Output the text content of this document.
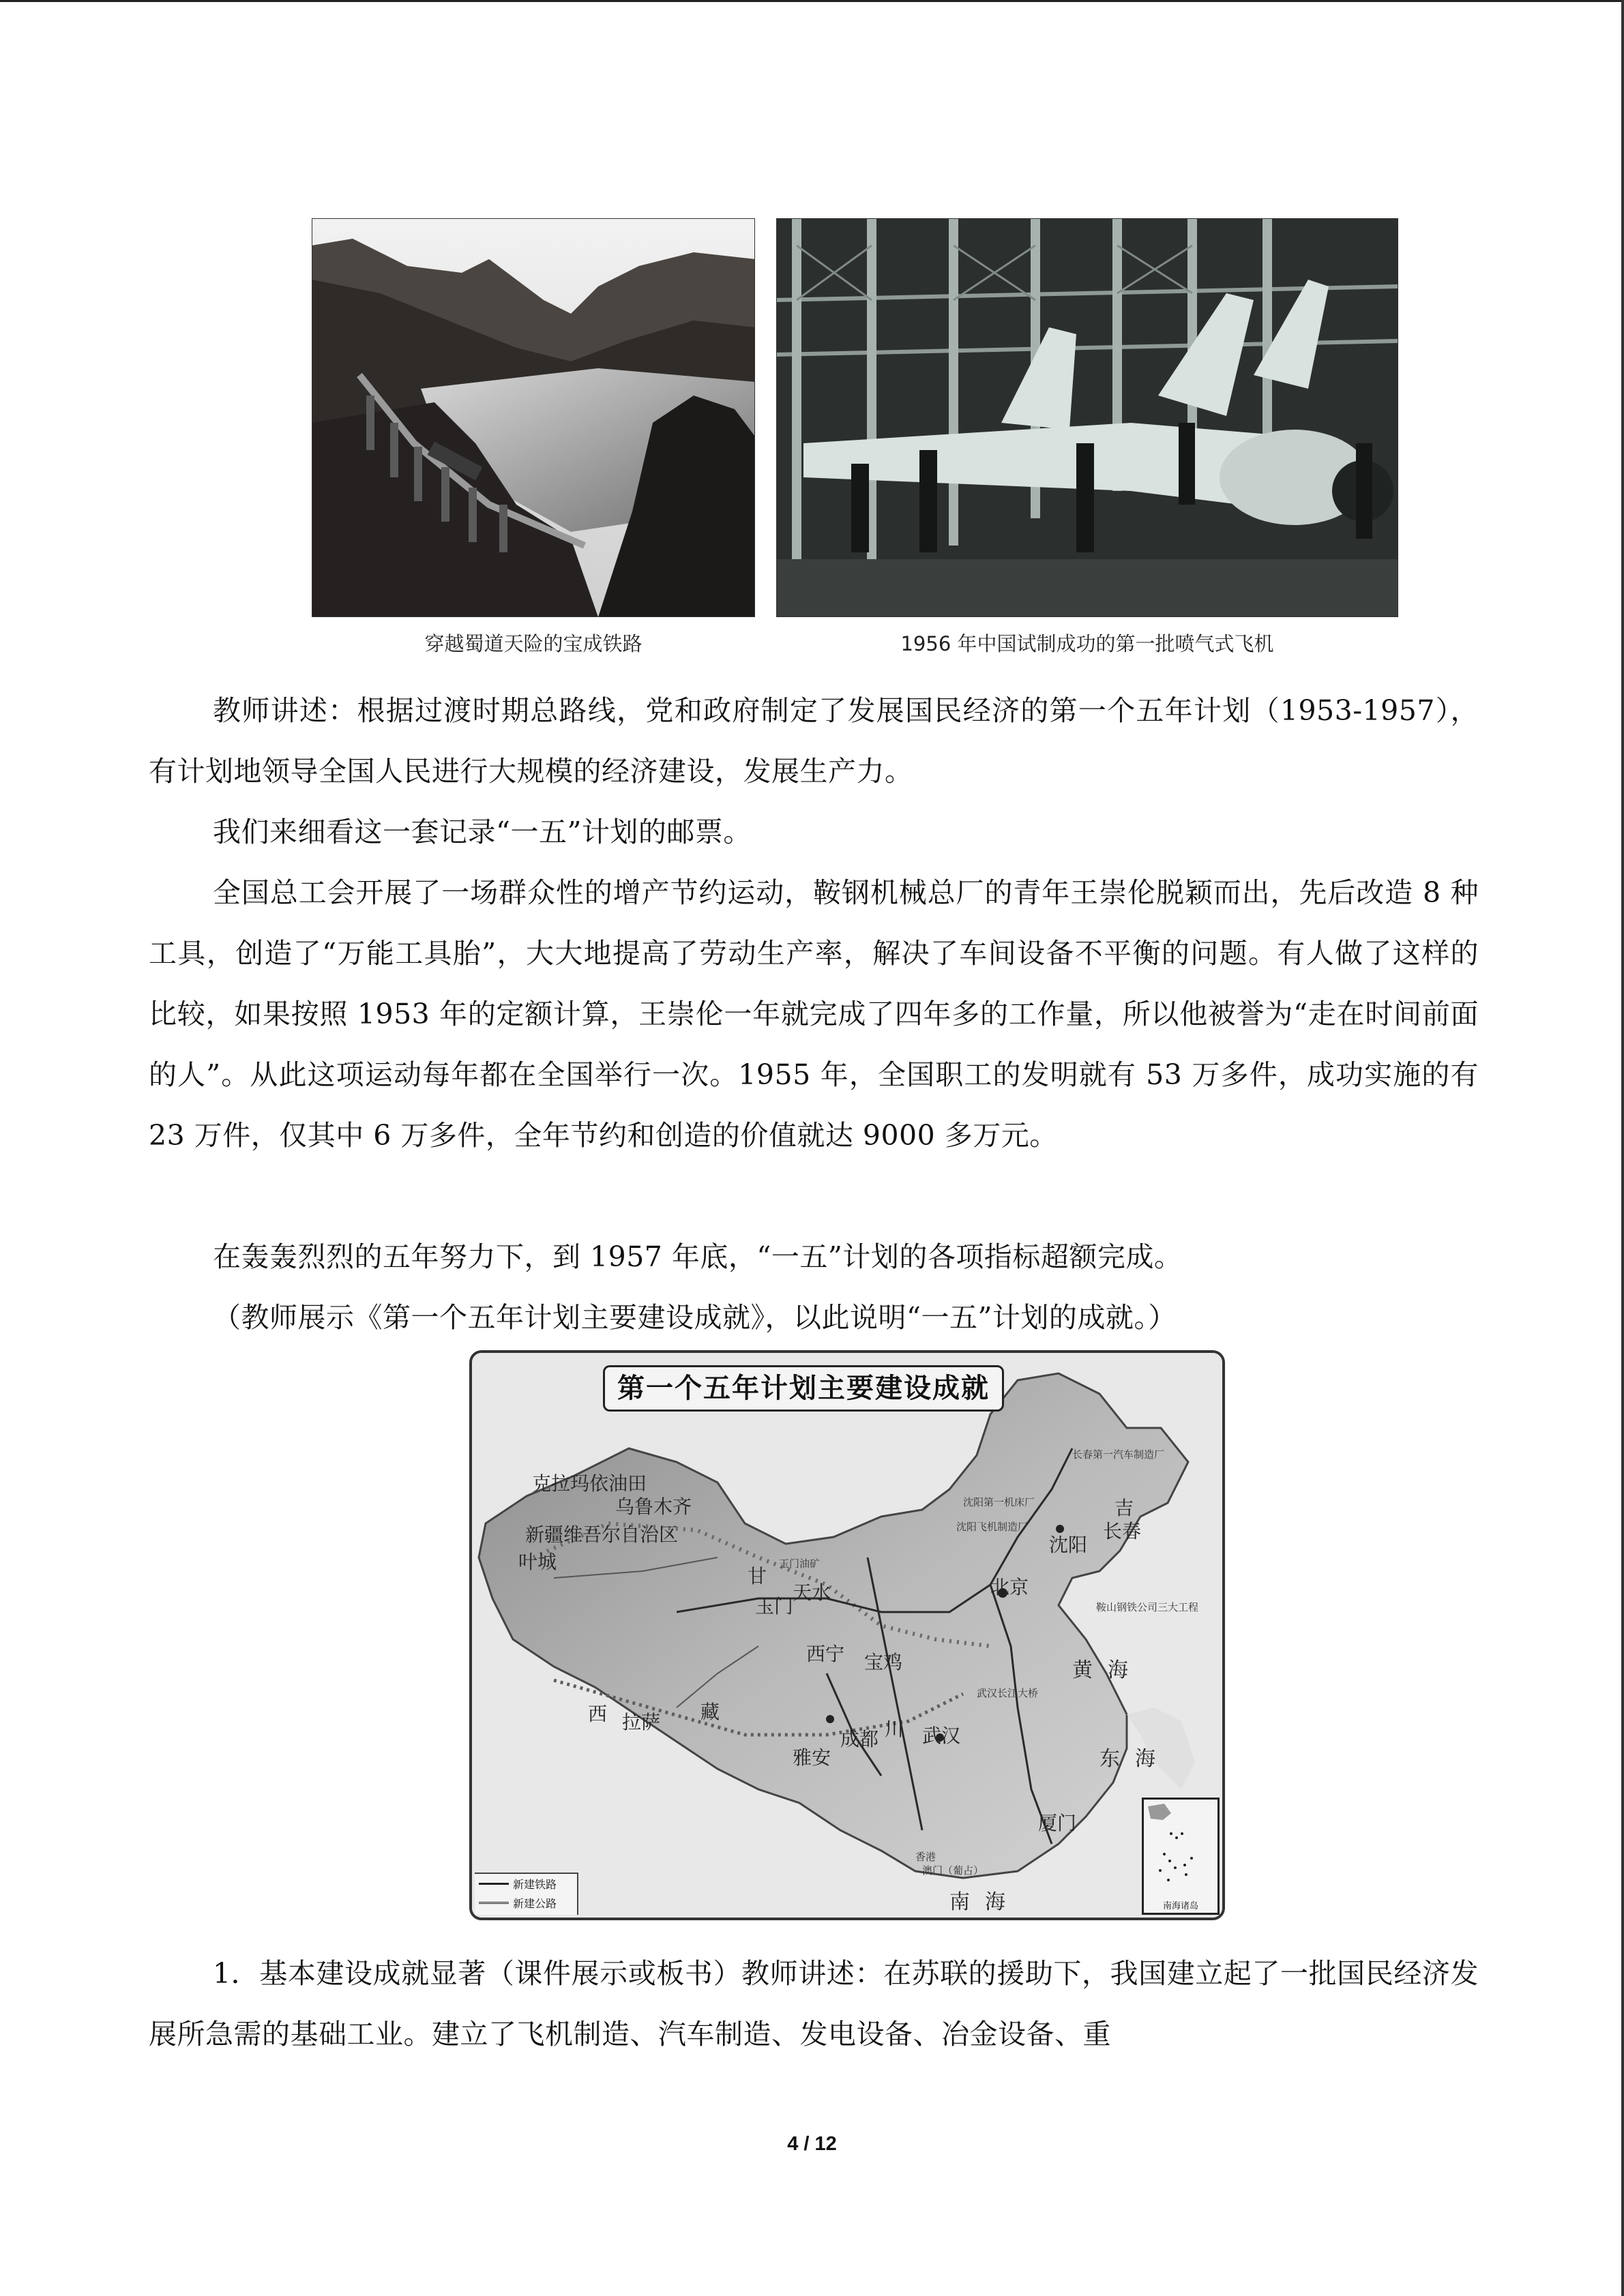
穿越蜀道天险的宝成铁路	1956 年中国试制成功的第一批喷气式飞机

教师讲述：根据过渡时期总路线，党和政府制定了发展国民经济的第一个五年计划（1953-1957），有计划地领导全国人民进行大规模的经济建设，发展生产力。

我们来细看这一套记录“一五”计划的邮票。

全国总工会开展了一场群众性的增产节约运动，鞍钢机械总厂的青年王崇伦脱颖而出，先后改造 8 种工具，创造了“万能工具胎”，大大地提高了劳动生产率，解决了车间设备不平衡的问题。有人做了这样的比较，如果按照 1953 年的定额计算，王崇伦一年就完成了四年多的工作量，所以他被誉为“走在时间前面的人”。从此这项运动每年都在全国举行一次。1955 年，全国职工的发明就有 53 万多件，成功实施的有 23 万件，仅其中 6 万多件，全年节约和创造的价值就达 9000 多万元。

在轰轰烈烈的五年努力下，到 1957 年底，“一五”计划的各项指标超额完成。

（教师展示《第一个五年计划主要建设成就》，以此说明“一五”计划的成就。）

第一个五年计划主要建设成就
克拉玛依油田
乌鲁木齐
新疆维吾尔自治区
叶城	玉门油矿
甘
玉门
天水
西宁 宝鸡
西 拉萨 藏
雅安
成都 川 武汉
武汉长江大桥
北京
沈阳
吉
长春
长春第一汽车制造厂
沈阳第一机床厂
沈阳飞机制造厂
鞍山钢铁公司三大工程
黄海
东海
南海
厦门
香港
澳门（葡占）
新建铁路
新建公路	南海诸岛

1．基本建设成就显著（课件展示或板书）教师讲述：在苏联的援助下，我国建立起了一批国民经济发展所急需的基础工业。建立了飞机制造、汽车制造、发电设备、冶金设备、重

4 / 12
